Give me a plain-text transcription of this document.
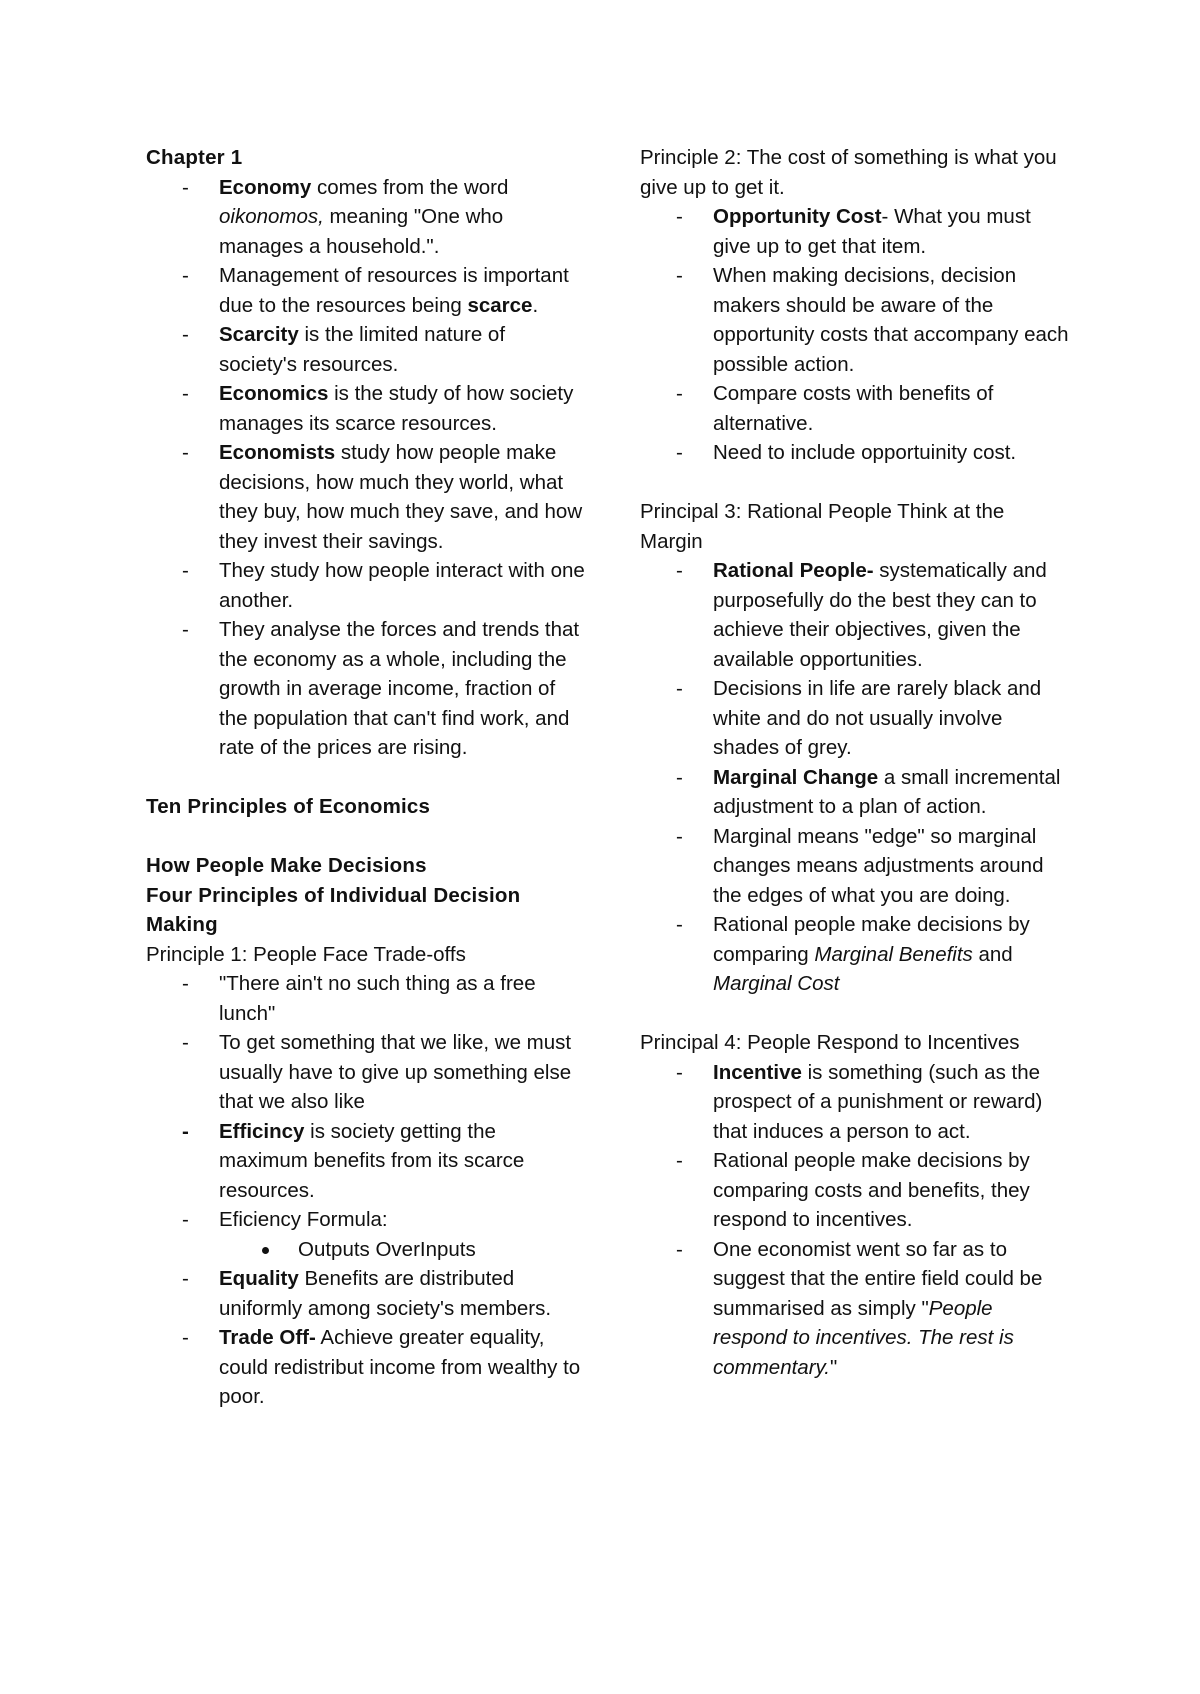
Chapter 1

- Economy comes from the word oikonomos, meaning "One who manages a household.".
- Management of resources is important due to the resources being scarce.
- Scarcity is the limited nature of society's resources.
- Economics is the study of how society manages its scarce resources.
- Economists study how people make decisions, how much they world, what they buy, how much they save, and how they invest their savings.
- They study how people interact with one another.
- They analyse the forces and trends that the economy as a whole, including the growth in average income, fraction of the population that can't find work, and rate of the prices are rising.

Ten Principles of Economics

How People Make Decisions

Four Principles of Individual Decision Making

Principle 1: People Face Trade-offs

- "There ain't no such thing as a free lunch"
- To get something that we like, we must usually have to give up something else that we also like
- Efficincy is society getting the maximum benefits from its scarce resources.
- Eficiency Formula:
Outputs OverInputs
- Equality Benefits are distributed uniformly among society's members.
- Trade Off- Achieve greater equality, could redistribut income from wealthy to poor.

Principle 2: The cost of something is what you give up to get it.

- Opportunity Cost- What you must give up to get that item.
- When making decisions, decision makers should be aware of the opportunity costs that accompany each possible action.
- Compare costs with benefits of alternative.
- Need to include opportuinity cost.

Principal 3: Rational People Think at the Margin

- Rational People- systematically and purposefully do the best they can to achieve their objectives, given the available opportunities.
- Decisions in life are rarely black and white and do not usually involve shades of grey.
- Marginal Change a small incremental adjustment to a plan of action.
- Marginal means "edge" so marginal changes means adjustments around the edges of what you are doing.
- Rational people make decisions by comparing Marginal Benefits and Marginal Cost

Principal 4: People Respond to Incentives

- Incentive is something (such as the prospect of a punishment or reward) that induces a person to act.
- Rational people make decisions by comparing costs and benefits, they respond to incentives.
- One economist went so far as to suggest that the entire field could be summarised as simply "People respond to incentives. The rest is commentary."
